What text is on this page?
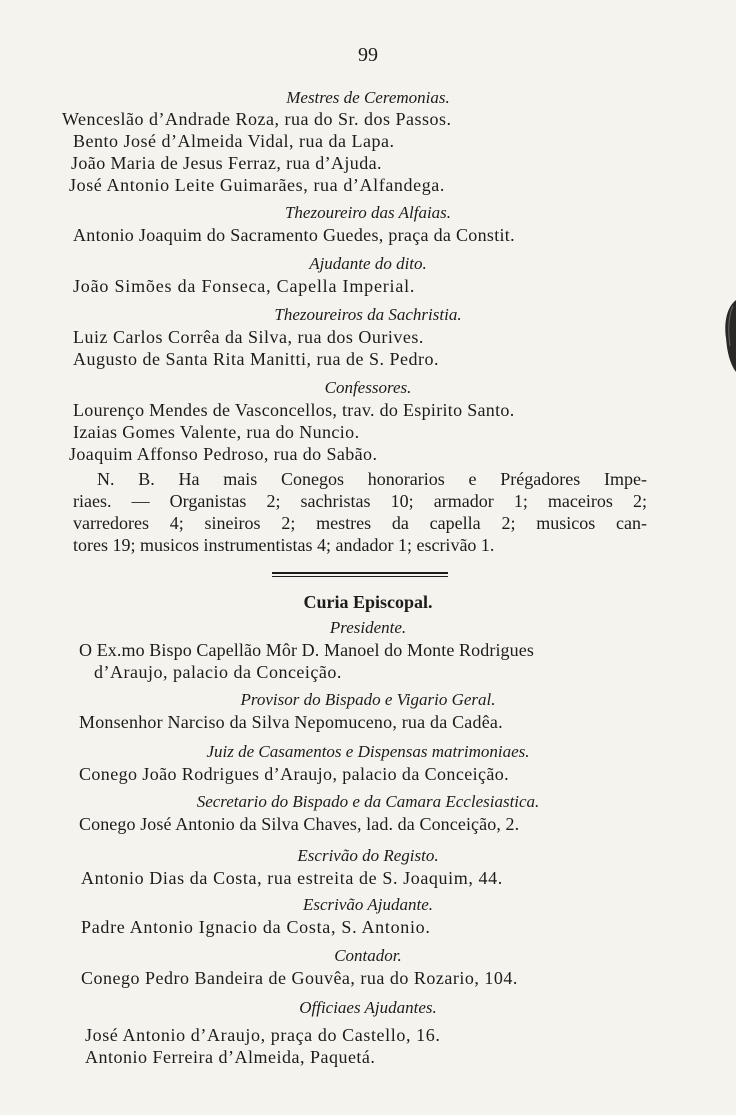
99
Mestres de Ceremonias.
Wenceslão d’Andrade Roza, rua do Sr. dos Passos.
Bento José d’Almeida Vidal, rua da Lapa.
João Maria de Jesus Ferraz, rua d’Ajuda.
José Antonio Leite Guimarães, rua d’Alfandega.
Thezoureiro das Alfaias.
Antonio Joaquim do Sacramento Guedes, praça da Constit.
Ajudante do dito.
João Simões da Fonseca, Capella Imperial.
Thezoureiros da Sachristia.
Luiz Carlos Corrêa da Silva, rua dos Ourives.
Augusto de Santa Rita Manitti, rua de S. Pedro.
Confessores.
Lourenço Mendes de Vasconcellos, trav. do Espirito Santo.
Izaias Gomes Valente, rua do Nuncio.
Joaquim Affonso Pedroso, rua do Sabão.
N. B. Ha mais Conegos honorarios e Prégadores Impe-
riaes. — Organistas 2; sachristas 10; armador 1; maceiros 2;
varredores 4; sineiros 2; mestres da capella 2; musicos can-
tores 19; musicos instrumentistas 4; andador 1; escrivão 1.
Curia Episcopal.
Presidente.
O Ex.mo Bispo Capellão Môr D. Manoel do Monte Rodrigues
d’Araujo, palacio da Conceição.
Provisor do Bispado e Vigario Geral.
Monsenhor Narciso da Silva Nepomuceno, rua da Cadêa.
Juiz de Casamentos e Dispensas matrimoniaes.
Conego João Rodrigues d’Araujo, palacio da Conceição.
Secretario do Bispado e da Camara Ecclesiastica.
Conego José Antonio da Silva Chaves, lad. da Conceição, 2.
Escrivão do Registo.
Antonio Dias da Costa, rua estreita de S. Joaquim, 44.
Escrivão Ajudante.
Padre Antonio Ignacio da Costa, S. Antonio.
Contador.
Conego Pedro Bandeira de Gouvêa, rua do Rozario, 104.
Officiaes Ajudantes.
José Antonio d’Araujo, praça do Castello, 16.
Antonio Ferreira d’Almeida, Paquetá.
